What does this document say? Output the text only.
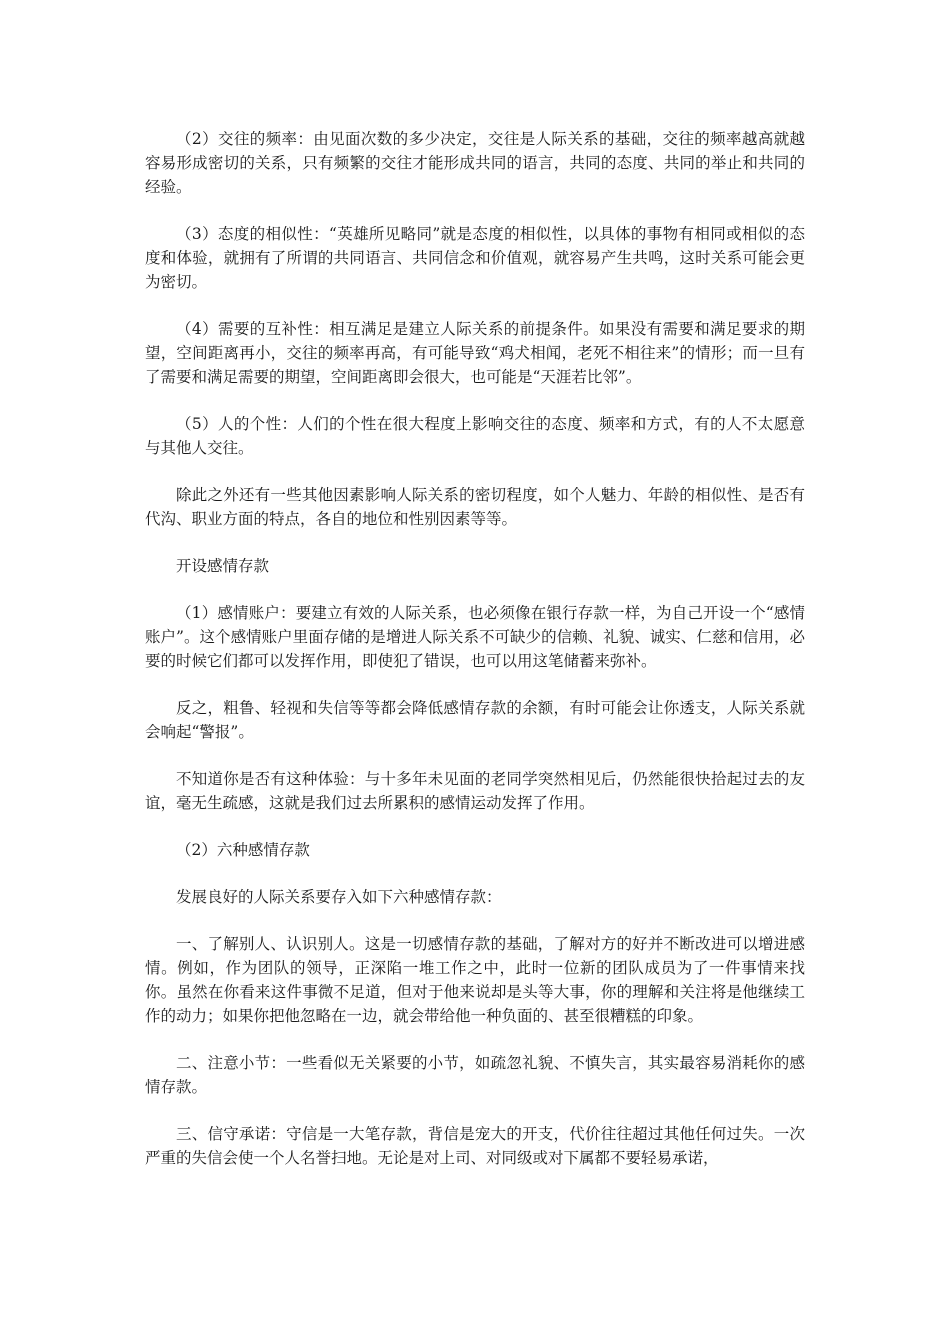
（2）交往的频率：由见面次数的多少决定，交往是人际关系的基础，交往的频率越高就越容易形成密切的关系，只有频繁的交往才能形成共同的语言，共同的态度、共同的举止和共同的经验。

（3）态度的相似性：“英雄所见略同”就是态度的相似性，以具体的事物有相同或相似的态度和体验，就拥有了所谓的共同语言、共同信念和价值观，就容易产生共鸣，这时关系可能会更为密切。

（4）需要的互补性：相互满足是建立人际关系的前提条件。如果没有需要和满足要求的期望，空间距离再小，交往的频率再高，有可能导致“鸡犬相闻，老死不相往来”的情形；而一旦有了需要和满足需要的期望，空间距离即会很大，也可能是“天涯若比邻”。

（5）人的个性：人们的个性在很大程度上影响交往的态度、频率和方式，有的人不太愿意与其他人交往。

除此之外还有一些其他因素影响人际关系的密切程度，如个人魅力、年龄的相似性、是否有代沟、职业方面的特点，各自的地位和性别因素等等。

开设感情存款

（1）感情账户：要建立有效的人际关系，也必须像在银行存款一样，为自己开设一个“感情账户”。这个感情账户里面存储的是增进人际关系不可缺少的信赖、礼貌、诚实、仁慈和信用，必要的时候它们都可以发挥作用，即使犯了错误，也可以用这笔储蓄来弥补。

反之，粗鲁、轻视和失信等等都会降低感情存款的余额，有时可能会让你透支，人际关系就会响起“警报”。

不知道你是否有这种体验：与十多年未见面的老同学突然相见后，仍然能很快拾起过去的友谊，毫无生疏感，这就是我们过去所累积的感情运动发挥了作用。

（2）六种感情存款

发展良好的人际关系要存入如下六种感情存款：

一、了解别人、认识别人。这是一切感情存款的基础，了解对方的好并不断改进可以增进感情。例如，作为团队的领导，正深陷一堆工作之中，此时一位新的团队成员为了一件事情来找你。虽然在你看来这件事微不足道，但对于他来说却是头等大事，你的理解和关注将是他继续工作的动力；如果你把他忽略在一边，就会带给他一种负面的、甚至很糟糕的印象。

二、注意小节：一些看似无关紧要的小节，如疏忽礼貌、不慎失言，其实最容易消耗你的感情存款。

三、信守承诺：守信是一大笔存款，背信是宠大的开支，代价往往超过其他任何过失。一次严重的失信会使一个人名誉扫地。无论是对上司、对同级或对下属都不要轻易承诺，
